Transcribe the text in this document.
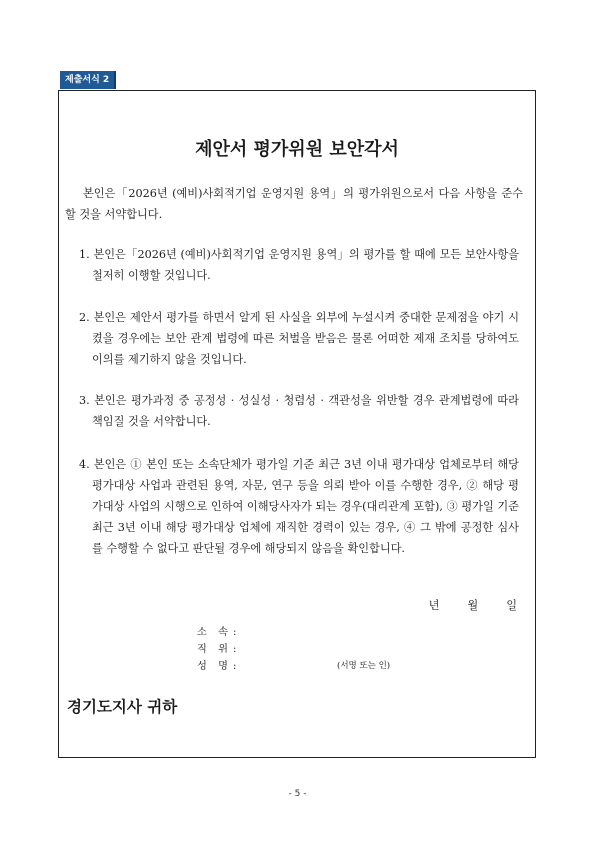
제출서식 2
제안서 평가위원 보안각서
본인은「2026년 (예비)사회적기업 운영지원 용역」의 평가위원으로서 다음 사항을 준수할 것을 서약합니다.
1. 본인은「2026년 (예비)사회적기업 운영지원 용역」의 평가를 할 때에 모든 보안사항을 철저히 이행할 것입니다.
2. 본인은 제안서 평가를 하면서 알게 된 사실을 외부에 누설시켜 중대한 문제점을 야기 시켰을 경우에는 보안 관계 법령에 따른 처벌을 받음은 물론 어떠한 제재 조치를 당하여도 이의를 제기하지 않을 것입니다.
3. 본인은 평가과정 중 공정성 · 성실성 · 청렴성 · 객관성을 위반할 경우 관계법령에 따라 책임질 것을 서약합니다.
4. 본인은 ① 본인 또는 소속단체가 평가일 기준 최근 3년 이내 평가대상 업체로부터 해당 평가대상 사업과 관련된 용역, 자문, 연구 등을 의뢰 받아 이를 수행한 경우, ② 해당 평가대상 사업의 시행으로 인하여 이해당사자가 되는 경우(대리관계 포함), ③ 평가일 기준 최근 3년 이내 해당 평가대상 업체에 재직한 경력이 있는 경우, ④ 그 밖에 공정한 심사를 수행할 수 없다고 판단될 경우에 해당되지 않음을 확인합니다.
년	월	일
소 속 :
직 위 :
성 명 :	(서명 또는 인)
경기도지사 귀하
- 5 -
